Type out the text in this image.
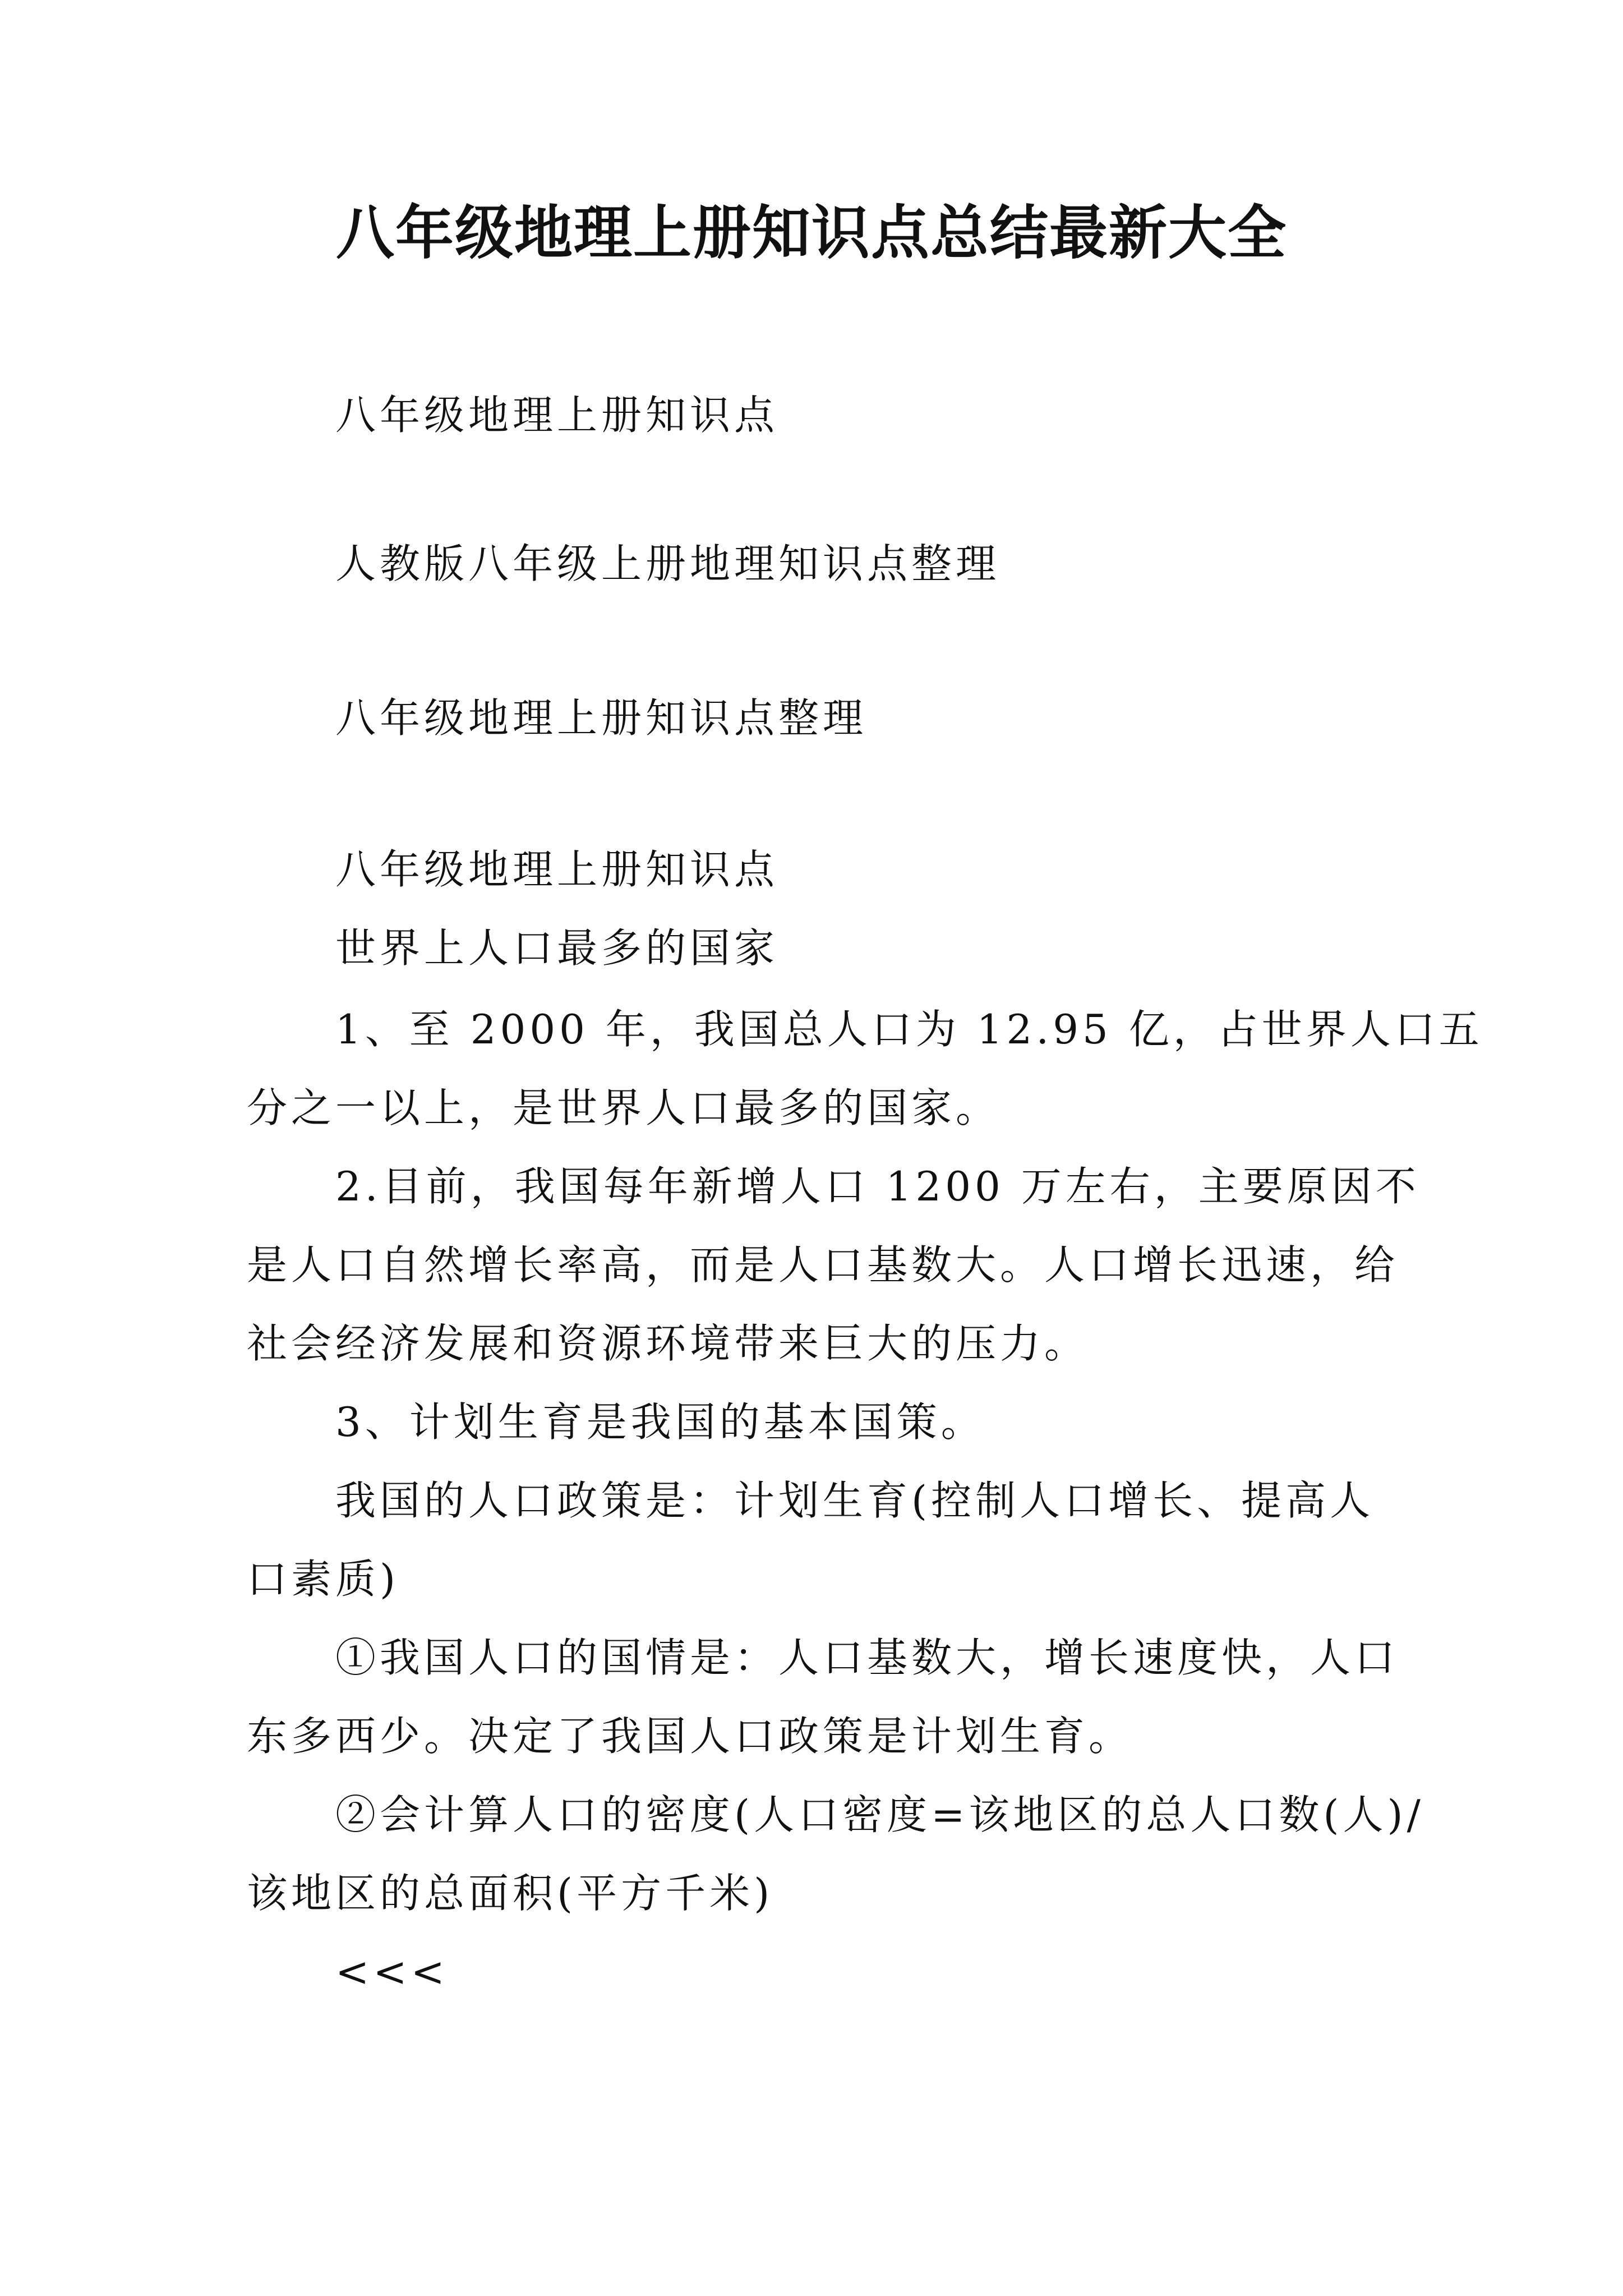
八年级地理上册知识点总结最新大全
八年级地理上册知识点
人教版八年级上册地理知识点整理
八年级地理上册知识点整理
八年级地理上册知识点
世界上人口最多的国家
1、至 2000 年，我国总人口为 12.95 亿，占世界人口五
分之一以上，是世界人口最多的国家。
2.目前，我国每年新增人口 1200 万左右，主要原因不
是人口自然增长率高，而是人口基数大。人口增长迅速，给
社会经济发展和资源环境带来巨大的压力。
3、计划生育是我国的基本国策。
我国的人口政策是：计划生育(控制人口增长、提高人
口素质)
①我国人口的国情是：人口基数大，增长速度快，人口
东多西少。决定了我国人口政策是计划生育。
②会计算人口的密度(人口密度=该地区的总人口数(人)/
该地区的总面积(平方千米)
<<<
